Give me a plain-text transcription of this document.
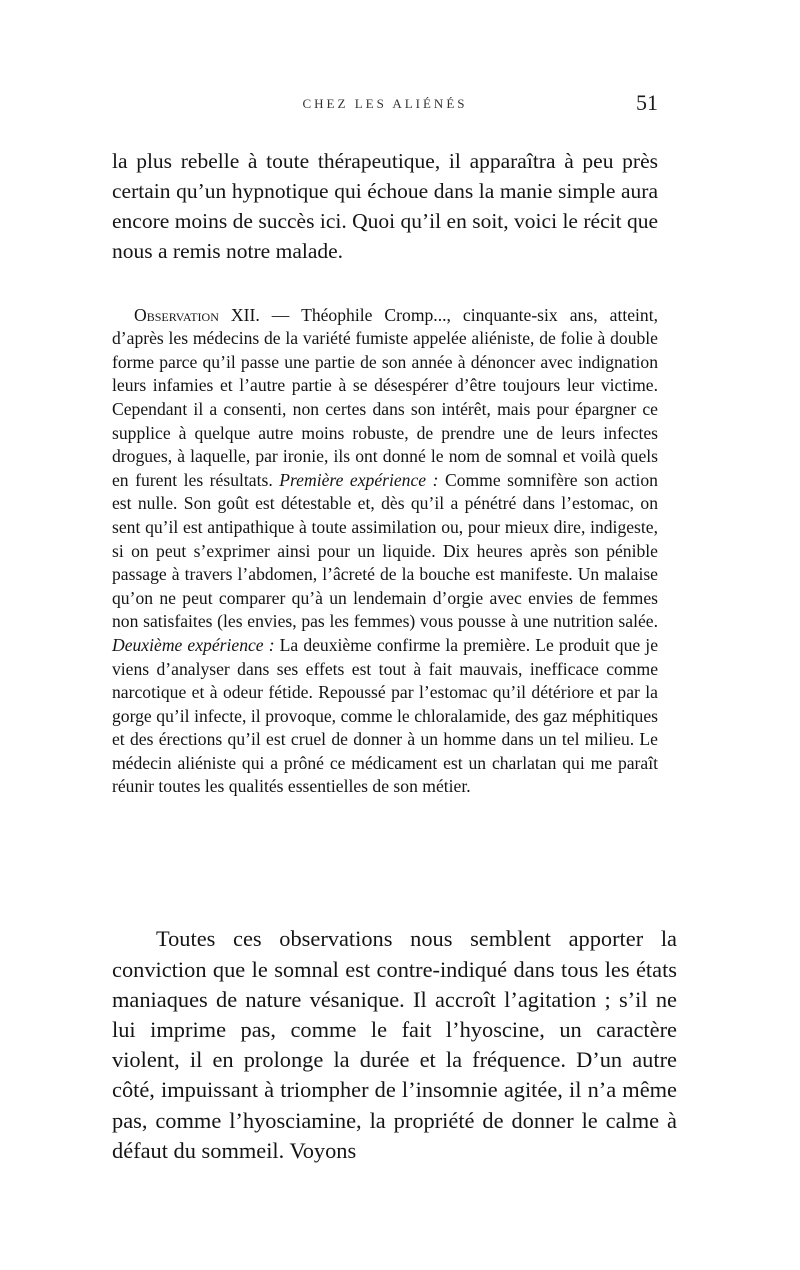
CHEZ LES ALIÉNÉS	51

la plus rebelle à toute thérapeutique, il apparaîtra à peu près certain qu’un hypnotique qui échoue dans la manie simple aura encore moins de succès ici. Quoi qu’il en soit, voici le récit que nous a remis notre malade.

Observation XII. — Théophile Cromp..., cinquante-six ans, atteint, d’après les médecins de la variété fumiste appelée aliéniste, de folie à double forme parce qu’il passe une partie de son année à dénoncer avec indignation leurs infamies et l’autre partie à se désespérer d’être toujours leur victime. Cependant il a consenti, non certes dans son intérêt, mais pour épargner ce supplice à quelque autre moins robuste, de prendre une de leurs infectes drogues, à laquelle, par ironie, ils ont donné le nom de somnal et voilà quels en furent les résultats. Première expérience : Comme somnifère son action est nulle. Son goût est détestable et, dès qu’il a pénétré dans l’estomac, on sent qu’il est antipathique à toute assimilation ou, pour mieux dire, indigeste, si on peut s’exprimer ainsi pour un liquide. Dix heures après son pénible passage à travers l’abdomen, l’âcreté de la bouche est manifeste. Un malaise qu’on ne peut comparer qu’à un lendemain d’orgie avec envies de femmes non satisfaites (les envies, pas les femmes) vous pousse à une nutrition salée. Deuxième expérience : La deuxième confirme la première. Le produit que je viens d’analyser dans ses effets est tout à fait mauvais, inefficace comme narcotique et à odeur fétide. Repoussé par l’estomac qu’il détériore et par la gorge qu’il infecte, il provoque, comme le chloralamide, des gaz méphitiques et des érections qu’il est cruel de donner à un homme dans un tel milieu. Le médecin aliéniste qui a prôné ce médicament est un charlatan qui me paraît réunir toutes les qualités essentielles de son métier.

Toutes ces observations nous semblent apporter la conviction que le somnal est contre-indiqué dans tous les états maniaques de nature vésanique. Il accroît l’agitation ; s’il ne lui imprime pas, comme le fait l’hyoscine, un caractère violent, il en prolonge la durée et la fréquence. D’un autre côté, impuissant à triompher de l’insomnie agitée, il n’a même pas, comme l’hyosciamine, la propriété de donner le calme à défaut du sommeil. Voyons
